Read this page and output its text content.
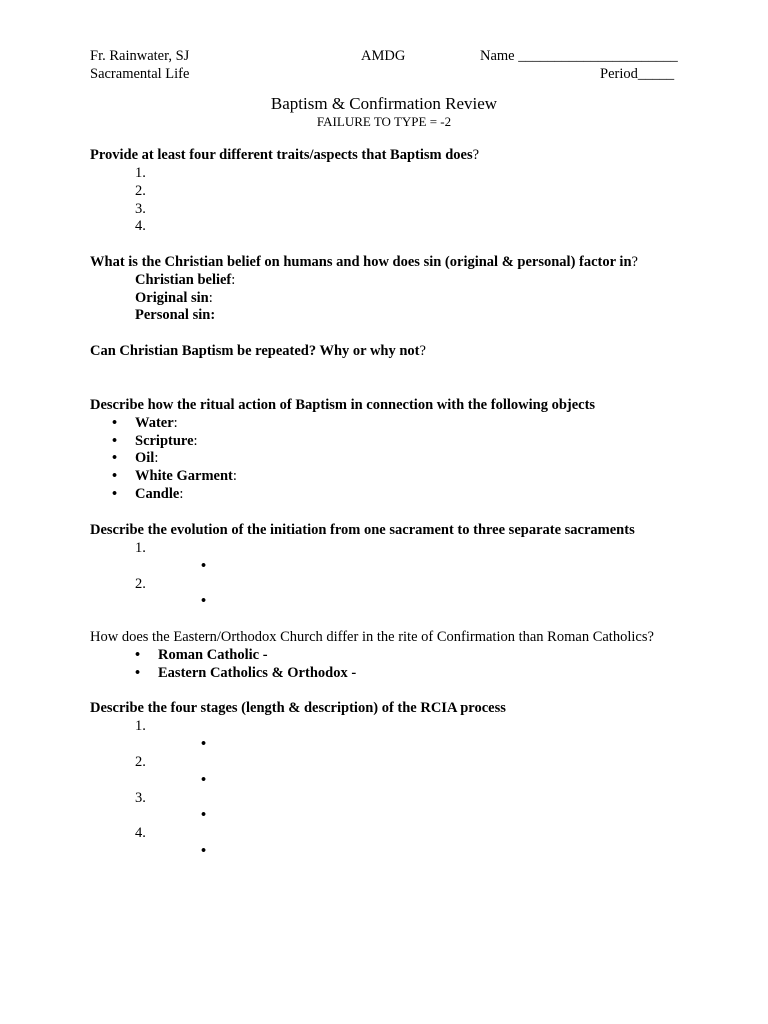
Fr. Rainwater, SJ
Sacramental Life
AMDG	Name ______________________
Period_____
Baptism & Confirmation Review
FAILURE TO TYPE = -2
Provide at least four different traits/aspects that Baptism does?
1.
2.
3.
4.
What is the Christian belief on humans and how does sin (original & personal) factor in?
Christian belief:
Original sin:
Personal sin:
Can Christian Baptism be repeated? Why or why not?
Describe how the ritual action of Baptism in connection with the following objects
• Water:
• Scripture:
• Oil:
• White Garment:
• Candle:
Describe the evolution of the initiation from one sacrament to three separate sacraments
1.
•
2.
•
How does the Eastern/Orthodox Church differ in the rite of Confirmation than Roman Catholics?
• Roman Catholic -
• Eastern Catholics & Orthodox -
Describe the four stages (length & description) of the RCIA process
1.
•
2.
•
3.
•
4.
•
